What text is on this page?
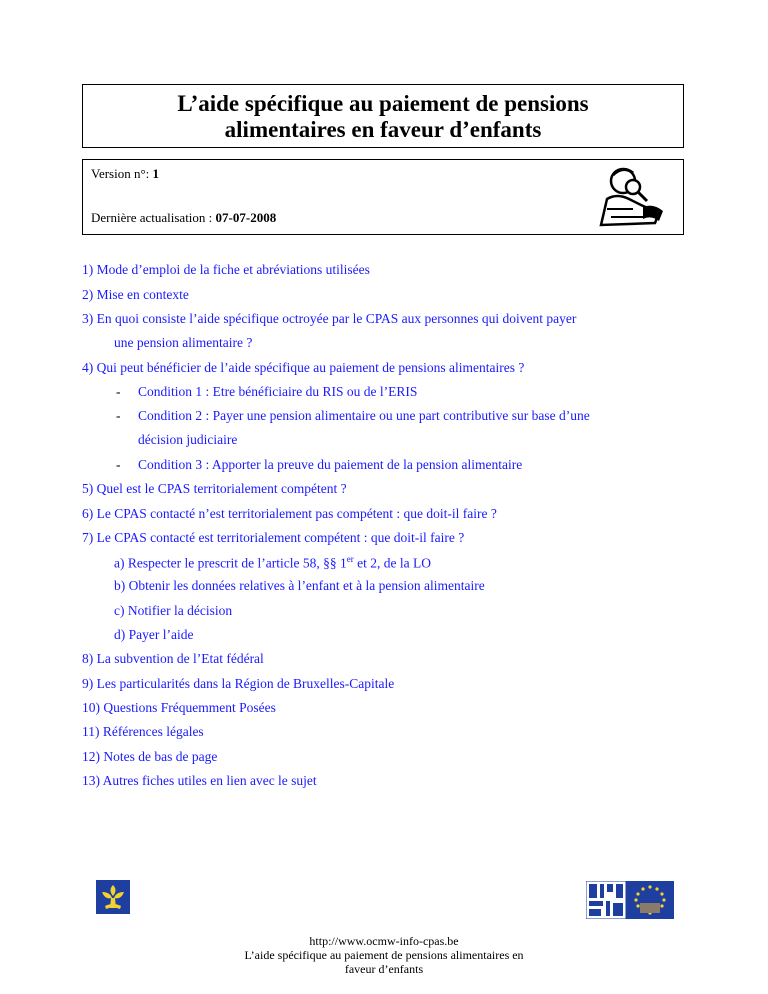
L’aide spécifique au paiement de pensions
alimentaires en faveur d’enfants
Version n°: 1
Dernière actualisation : 07-07-2008
1) Mode d’emploi de la fiche et abréviations utilisées
2) Mise en contexte
3) En quoi consiste l’aide spécifique octroyée par le CPAS aux personnes qui doivent payer
une pension alimentaire ?
4) Qui peut bénéficier de l’aide spécifique au paiement de pensions alimentaires ?
- Condition 1 : Etre bénéficiaire du RIS ou de l’ERIS
- Condition 2 : Payer une pension alimentaire ou une part contributive sur base d’une
décision judiciaire
- Condition 3 : Apporter la preuve du paiement de la pension alimentaire
5) Quel est le CPAS territorialement compétent ?
6) Le CPAS contacté n’est territorialement pas compétent : que doit-il faire ?
7) Le CPAS contacté est territorialement compétent : que doit-il faire ?
a) Respecter le prescrit de l’article 58, §§ 1er et 2, de la LO
b) Obtenir les données relatives à l’enfant et à la pension alimentaire
c) Notifier la décision
d) Payer l’aide
8) La subvention de l’Etat fédéral
9) Les particularités dans la Région de Bruxelles-Capitale
10) Questions Fréquemment Posées
11) Références légales
12) Notes de bas de page
13) Autres fiches utiles en lien avec le sujet
http://www.ocmw-info-cpas.be
L’aide spécifique au paiement de pensions alimentaires en
faveur d’enfants
